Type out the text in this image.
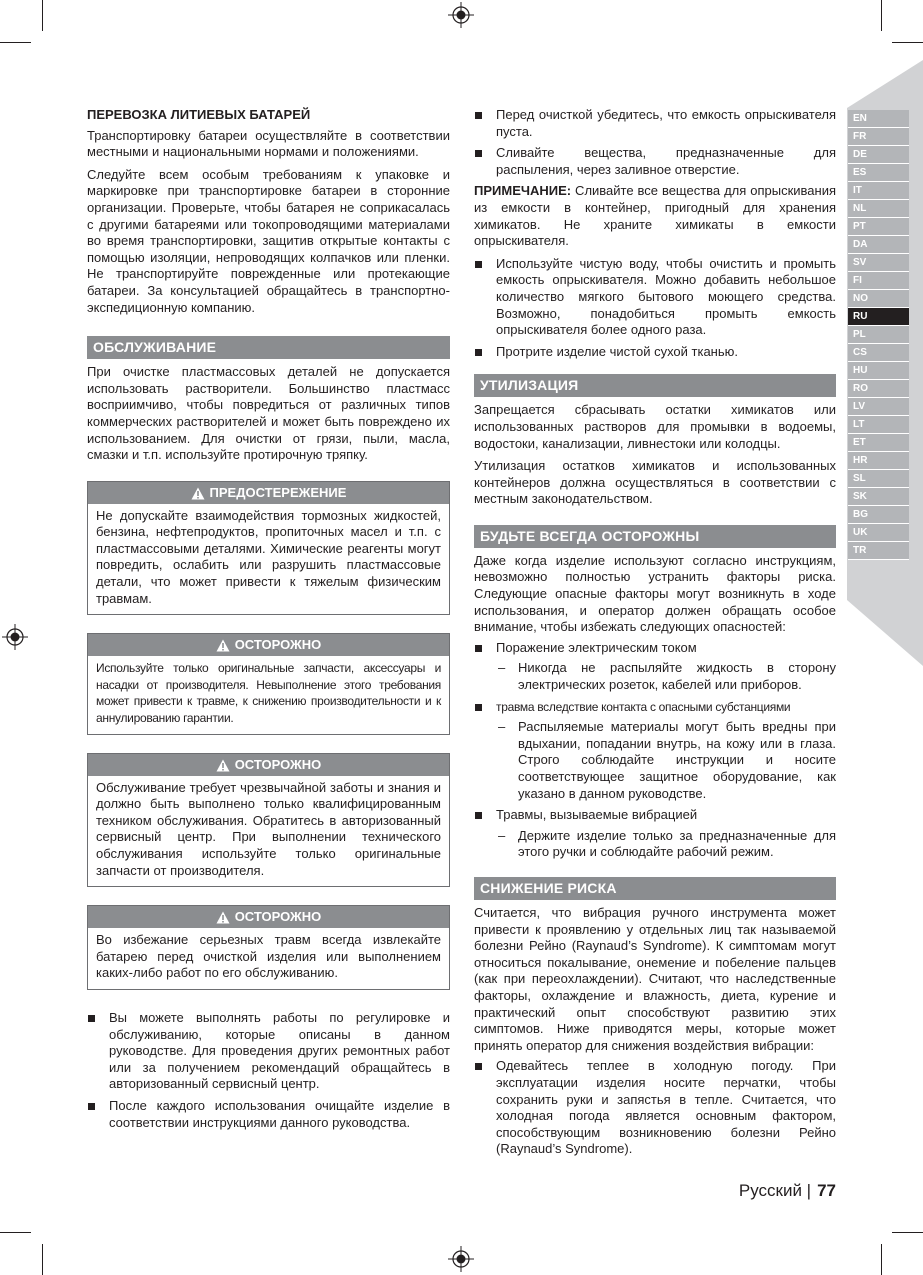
EN
FR
DE
ES
IT
NL
PT
DA
SV
FI
NO
RU
PL
CS
HU
RO
LV
LT
ET
HR
SL
SK
BG
UK
TR
ПЕРЕВОЗКА ЛИТИЕВЫХ БАТАРЕЙ

Транспортировку батареи осуществляйте в соответствии местными и национальными нормами и положениями.

Следуйте всем особым требованиям к упаковке и маркировке при транспортировке батареи в сторонние организации. Проверьте, чтобы батарея не соприкасалась с другими батареями или токопроводящими материалами во время транспортировки, защитив открытые контакты с помощью изоляции, непроводящих колпачков или пленки. Не транспортируйте поврежденные или протекающие батареи. За консультацией обращайтесь в транспортно-экспедиционную компанию.

ОБСЛУЖИВАНИЕ

При очистке пластмассовых деталей не допускается использовать растворители. Большинство пластмасс восприимчиво, чтобы повредиться от различных типов коммерческих растворителей и может быть повреждено их использованием. Для очистки от грязи, пыли, масла, смазки и т.п. используйте протирочную тряпку.

ПРЕДОСТЕРЕЖЕНИЕ
Не допускайте взаимодействия тормозных жидкостей, бензина, нефтепродуктов, пропиточных масел и т.п. с пластмассовыми деталями. Химические реагенты могут повредить, ослабить или разрушить пластмассовые детали, что может привести к тяжелым физическим травмам.
ОСТОРОЖНО
Используйте только оригинальные запчасти, аксессуары и насадки от производителя. Невыполнение этого требования может привести к травме, к снижению производительности и к аннулированию гарантии.
ОСТОРОЖНО
Обслуживание требует чрезвычайной заботы и знания и должно быть выполнено только квалифицированным техником обслуживания. Обратитесь в авторизованный сервисный центр. При выполнении технического обслуживания используйте только оригинальные запчасти от производителя.
ОСТОРОЖНО
Во избежание серьезных травм всегда извлекайте батарею перед очисткой изделия или выполнением каких-либо работ по его обслуживанию.
Вы можете выполнять работы по регулировке и обслуживанию, которые описаны в данном руководстве. Для проведения других ремонтных работ или за получением рекомендаций обращайтесь в авторизованный сервисный центр.
После каждого использования очищайте изделие в соответствии инструкциями данного руководства.
Перед очисткой убедитесь, что емкость опрыскивателя пуста.
Сливайте вещества, предназначенные для распыления, через заливное отверстие.

ПРИМЕЧАНИЕ: Сливайте все вещества для опрыскивания из емкости в контейнер, пригодный для хранения химикатов. Не храните химикаты в емкости опрыскивателя.

Используйте чистую воду, чтобы очистить и промыть емкость опрыскивателя. Можно добавить небольшое количество мягкого бытового моющего средства. Возможно, понадобиться промыть емкость опрыскивателя более одного раза.
Протрите изделие чистой сухой тканью.
УТИЛИЗАЦИЯ

Запрещается сбрасывать остатки химикатов или использованных растворов для промывки в водоемы, водостоки, канализации, ливнестоки или колодцы.

Утилизация остатков химикатов и использованных контейнеров должна осуществляться в соответствии с местным законодательством.

БУДЬТЕ ВСЕГДА ОСТОРОЖНЫ

Даже когда изделие используют согласно инструкциям, невозможно полностью устранить факторы риска. Следующие опасные факторы могут возникнуть в ходе использования, и оператор должен обращать особое внимание, чтобы избежать следующих опасностей:

Поражение электрическим током
– Никогда не распыляйте жидкость в сторону электрических розеток, кабелей или приборов.
травма вследствие контакта с опасными субстанциями
– Распыляемые материалы могут быть вредны при вдыхании, попадании внутрь, на кожу или в глаза. Строго соблюдайте инструкции и носите соответствующее защитное оборудование, как указано в данном руководстве.
Травмы, вызываемые вибрацией
– Держите изделие только за предназначенные для этого ручки и соблюдайте рабочий режим.
СНИЖЕНИЕ РИСКА

Считается, что вибрация ручного инструмента может привести к проявлению у отдельных лиц так называемой болезни Рейно (Raynaud’s Syndrome). К симптомам могут относиться покалывание, онемение и побеление пальцев (как при переохлаждении). Считают, что наследственные факторы, охлаждение и влажность, диета, курение и практический опыт способствуют развитию этих симптомов. Ниже приводятся меры, которые может принять оператор для снижения воздействия вибрации:

Одевайтесь теплее в холодную погоду. При эксплуатации изделия носите перчатки, чтобы сохранить руки и запястья в тепле. Считается, что холодная погода является основным фактором, способствующим возникновению болезни Рейно (Raynaud’s Syndrome).
Русский | 77
